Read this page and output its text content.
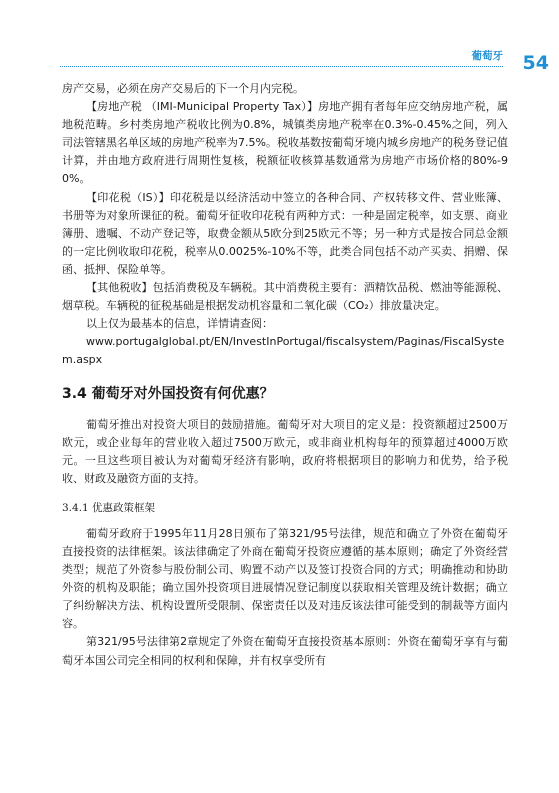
葡萄牙 54

房产交易，必须在房产交易后的下一个月内完税。

【房地产税 （IMI-Municipal Property Tax）】房地产拥有者每年应交纳房地产税，属地税范畴。乡村类房地产税收比例为0.8%，城镇类房地产税率在0.3%-0.45%之间，列入司法管辖黑名单区域的房地产税率为7.5%。税收基数按葡萄牙境内城乡房地产的税务登记值计算，并由地方政府进行周期性复核，税额征收核算基数通常为房地产市场价格的80%-90%。

【印花税（IS）】印花税是以经济活动中签立的各种合同、产权转移文件、营业账簿、书册等为对象所课征的税。葡萄牙征收印花税有两种方式：一种是固定税率，如支票、商业簿册、遗嘱、不动产登记等，取费金额从5欧分到25欧元不等；另一种方式是按合同总金额的一定比例收取印花税，税率从0.0025%-10%不等，此类合同包括不动产买卖、捐赠、保函、抵押、保险单等。

【其他税收】包括消费税及车辆税。其中消费税主要有：酒精饮品税、燃油等能源税、烟草税。车辆税的征税基础是根据发动机容量和二氧化碳（CO₂）排放量决定。

以上仅为最基本的信息，详情请查阅：

www.portugalglobal.pt/EN/InvestInPortugal/fiscalsystem/Paginas/FiscalSystem.aspx

3.4 葡萄牙对外国投资有何优惠？

葡萄牙推出对投资大项目的鼓励措施。葡萄牙对大项目的定义是：投资额超过2500万欧元，或企业每年的营业收入超过7500万欧元，或非商业机构每年的预算超过4000万欧元。一旦这些项目被认为对葡萄牙经济有影响，政府将根据项目的影响力和优势，给予税收、财政及融资方面的支持。

3.4.1 优惠政策框架

葡萄牙政府于1995年11月28日颁布了第321/95号法律，规范和确立了外资在葡萄牙直接投资的法律框架。该法律确定了外商在葡萄牙投资应遵循的基本原则；确定了外资经营类型；规范了外资参与股份制公司、购置不动产以及签订投资合同的方式；明确推动和协助外资的机构及职能；确立国外投资项目进展情况登记制度以获取相关管理及统计数据；确立了纠纷解决方法、机构设置所受限制、保密责任以及对违反该法律可能受到的制裁等方面内容。

第321/95号法律第2章规定了外资在葡萄牙直接投资基本原则：外资在葡萄牙享有与葡萄牙本国公司完全相同的权利和保障，并有权享受所有
